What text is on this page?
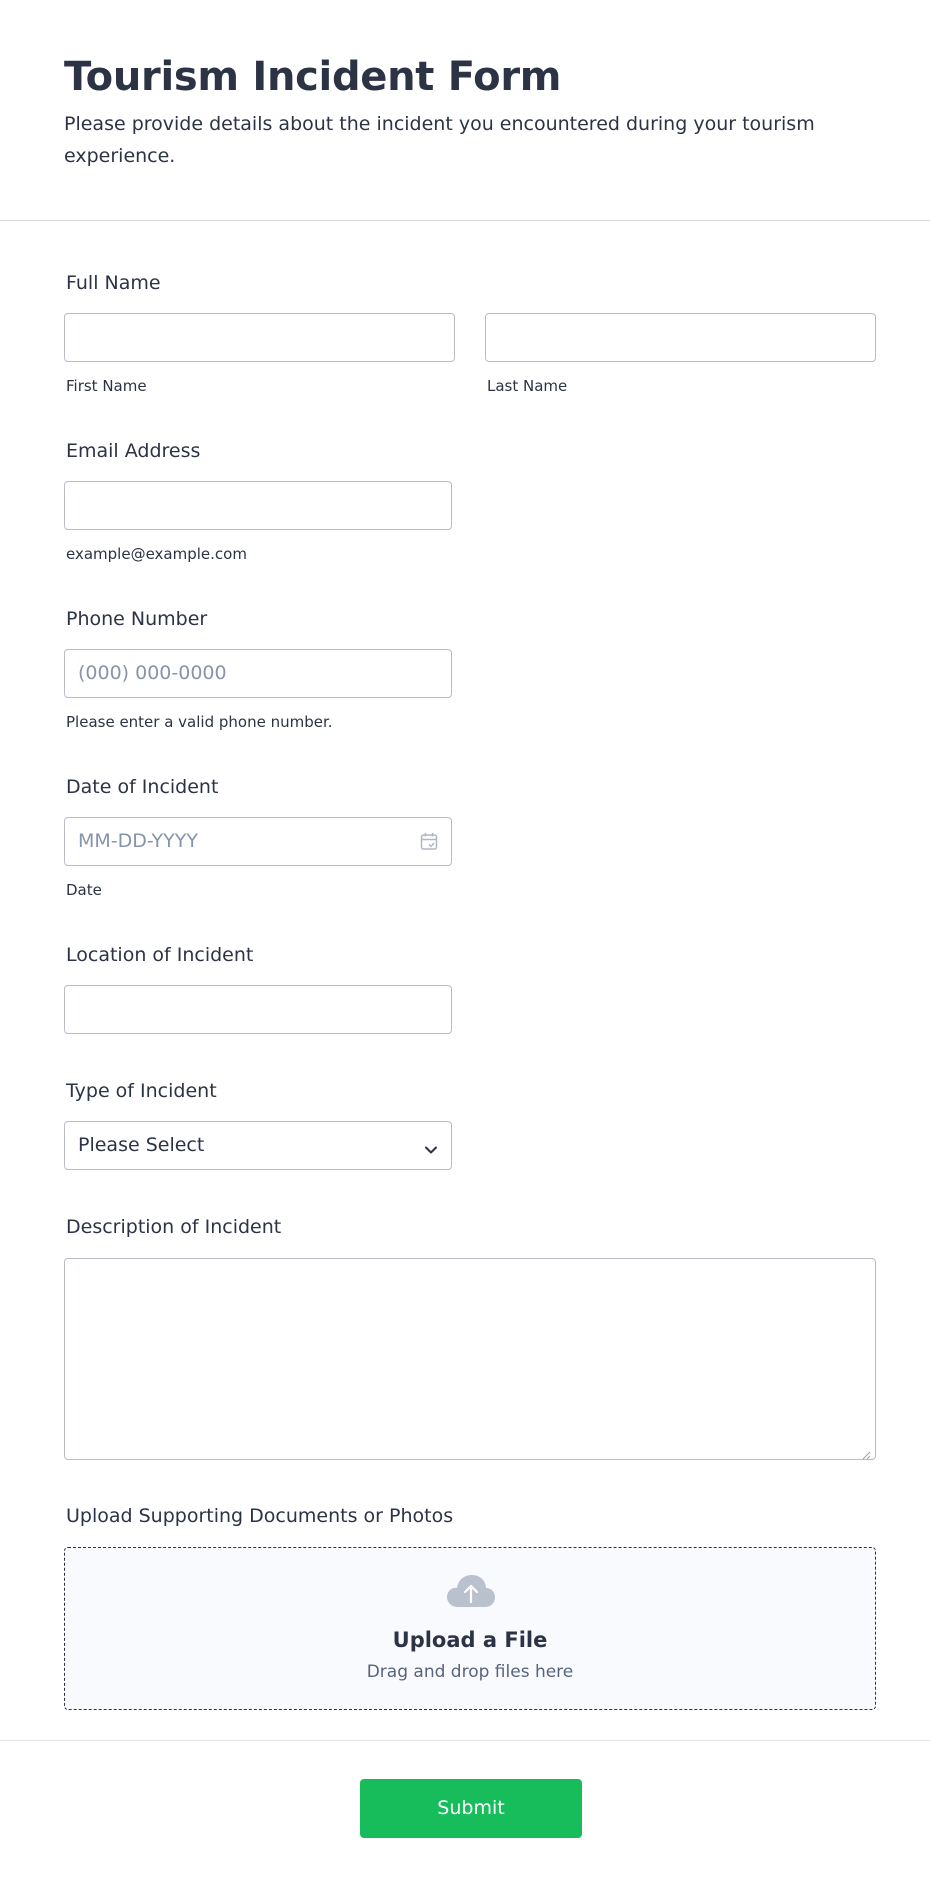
Tourism Incident Form
Please provide details about the incident you encountered during your tourism experience.
Full Name
First Name	Last Name
Email Address
example@example.com
Phone Number
(000) 000-0000
Please enter a valid phone number.
Date of Incident
MM-DD-YYYY
Date
Location of Incident
Type of Incident
Please Select
Description of Incident
Upload Supporting Documents or Photos
Upload a File
Drag and drop files here
Submit
